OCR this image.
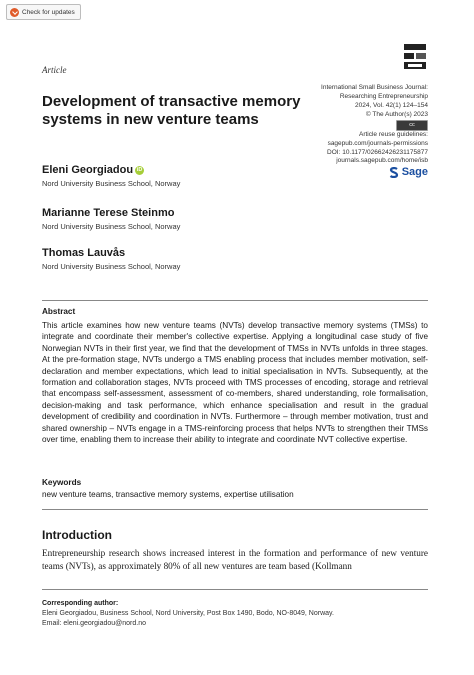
Check for updates
Article
Development of transactive memory systems in new venture teams
International Small Business Journal:
Researching Entrepreneurship
2024, Vol. 42(1) 124–154
© The Author(s) 2023
cc
Article reuse guidelines:
sagepub.com/journals-permissions
DOI: 10.1177/02662426231175877
journals.sagepub.com/home/isb
Sage
Eleni Georgiadou iD
Nord University Business School, Norway
Marianne Terese Steinmo
Nord University Business School, Norway
Thomas Lauvås
Nord University Business School, Norway
Abstract
This article examines how new venture teams (NVTs) develop transactive memory systems (TMSs) to integrate and coordinate their member's collective expertise. Applying a longitudinal case study of five Norwegian NVTs in their first year, we find that the development of TMSs in NVTs unfolds in three stages. At the pre-formation stage, NVTs undergo a TMS enabling process that includes member motivation, self-declaration and member expectations, which lead to initial specialisation in NVTs. Subsequently, at the formation and collaboration stages, NVTs proceed with TMS processes of encoding, storage and retrieval that encompass self-assessment, assessment of co-members, shared understanding, role formalisation, decision-making and task performance, which enhance specialisation and result in the gradual development of credibility and coordination in NVTs. Furthermore – through member motivation, trust and shared ownership – NVTs engage in a TMS-reinforcing process that helps NVTs to strengthen their TMSs over time, enabling them to increase their ability to integrate and coordinate NVT collective expertise.
Keywords
new venture teams, transactive memory systems, expertise utilisation
Introduction
Entrepreneurship research shows increased interest in the formation and performance of new venture teams (NVTs), as approximately 80% of all new ventures are team based (Kollmann
Corresponding author:
Eleni Georgiadou, Business School, Nord University, Post Box 1490, Bodo, NO-8049, Norway.
Email: eleni.georgiadou@nord.no
